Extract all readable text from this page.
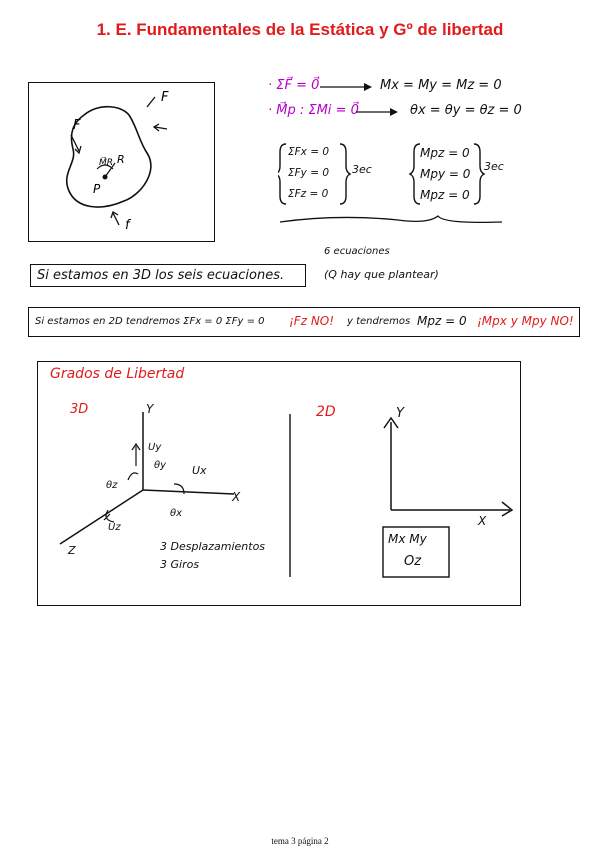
1. E. Fundamentales de la Estática y Gº de libertad
F
F
f
P
R
M⃗R
· ΣF⃗ = 0⃗	Mx = My = Mz = 0
· M⃗p : ΣMi = 0⃗	θx = θy = θz = 0
ΣFx = 0
ΣFy = 0
ΣFz = 0
3ec
Mpz = 0
Mpy = 0
Mpz = 0
3ec
6 ecuaciones
(Q hay que plantear)
Si estamos en 3D los seis ecuaciones.
Si estamos en 2D tendremos ΣFx = 0 ΣFy = 0 ¡Fz NO! y tendremos Mpz = 0 ¡Mpx y Mpy NO!
Grados de Libertad
3D	2D
Y
X
Z
Uy
θy Ux
θz
θx
Uz
3 Desplazamientos
3 Giros
Y
X
Mx My
Oz
tema 3 página 2
